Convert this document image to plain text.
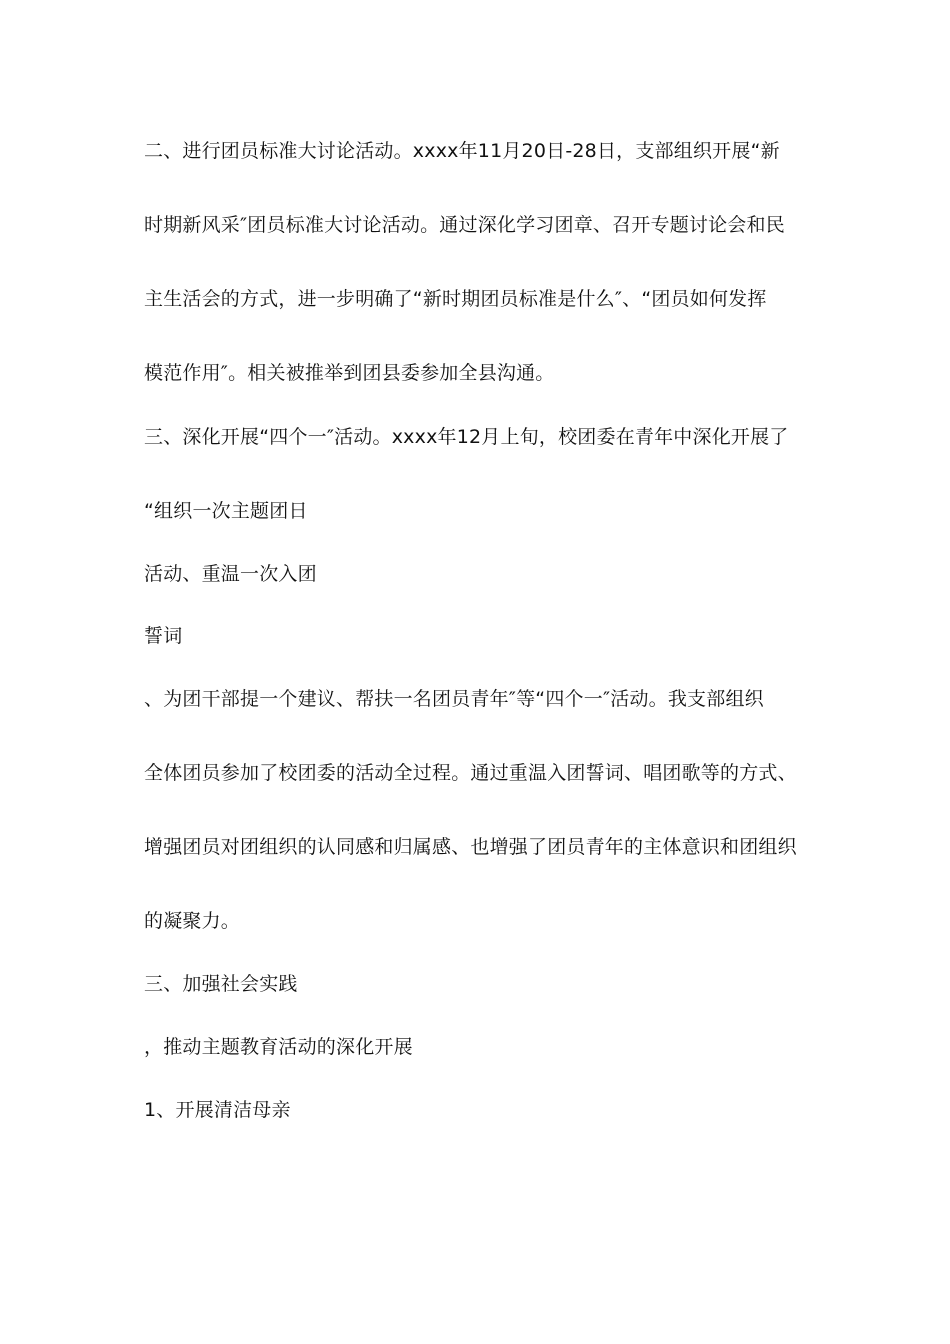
二、进行团员标准大讨论活动。xxxx年11月20日-28日，支部组织开展“新
时期新风采″团员标准大讨论活动。通过深化学习团章、召开专题讨论会和民
主生活会的方式，进一步明确了“新时期团员标准是什么″、“团员如何发挥
模范作用″。相关被推举到团县委参加全县沟通。
三、深化开展“四个一″活动。xxxx年12月上旬，校团委在青年中深化开展了
“组织一次主题团日
活动、重温一次入团
誓词
、为团干部提一个建议、帮扶一名团员青年″等“四个一″活动。我支部组织
全体团员参加了校团委的活动全过程。通过重温入团誓词、唱团歌等的方式、
增强团员对团组织的认同感和归属感、也增强了团员青年的主体意识和团组织
的凝聚力。
三、加强社会实践
，推动主题教育活动的深化开展
1、开展清洁母亲
